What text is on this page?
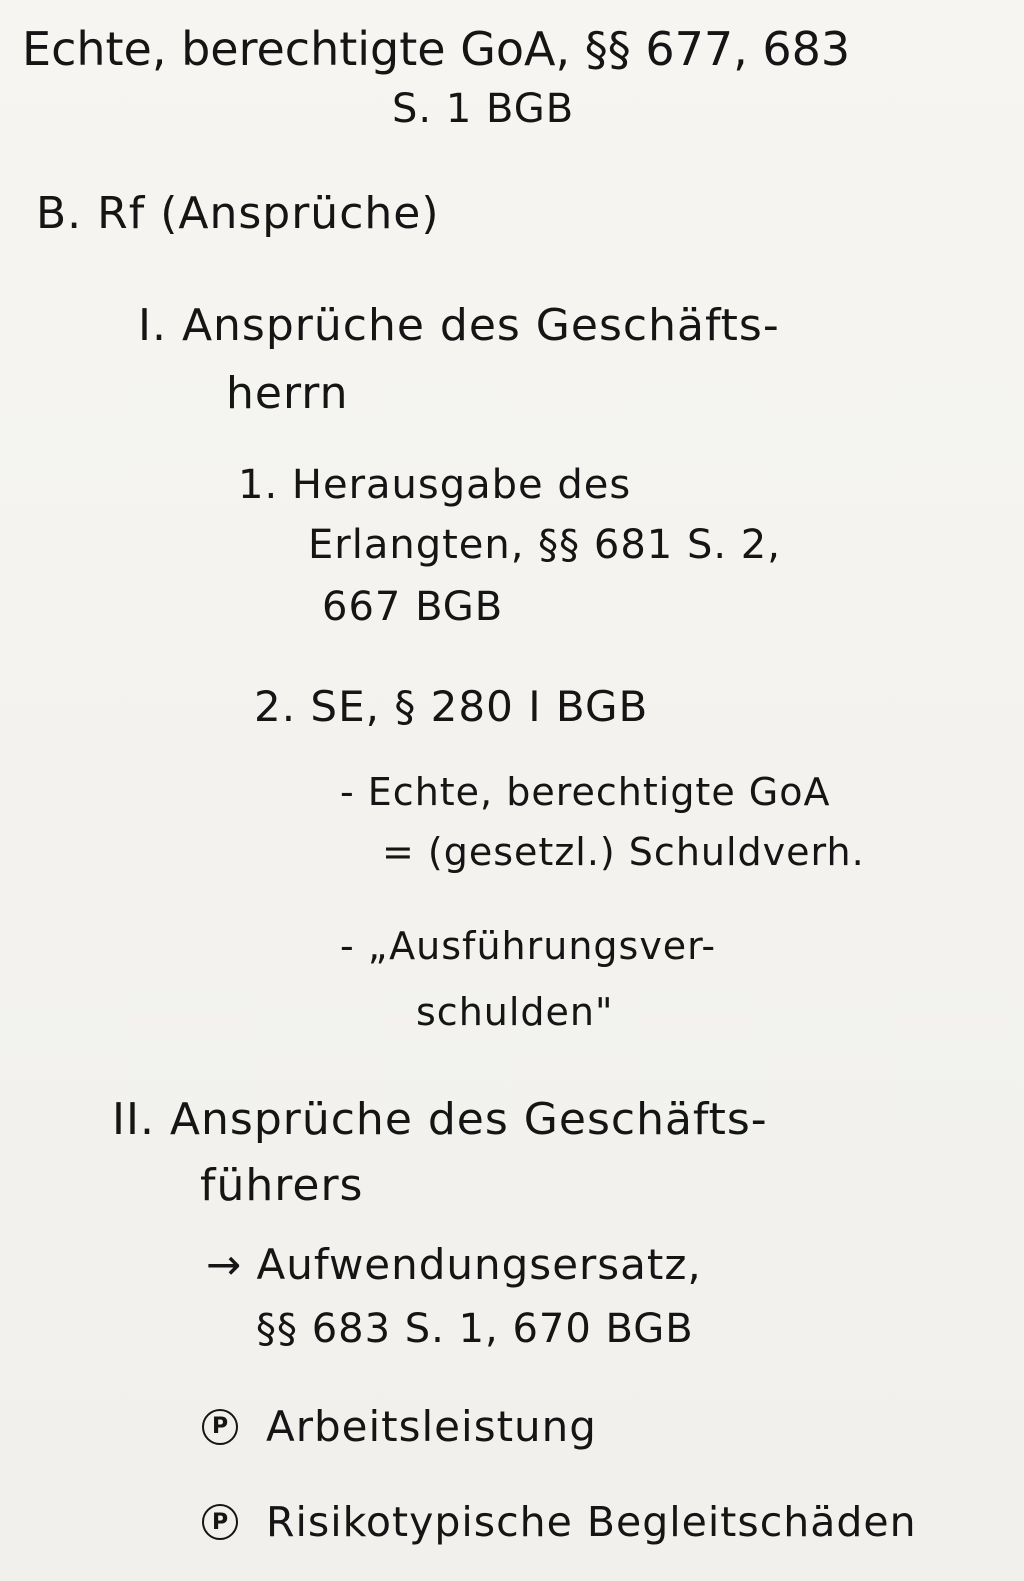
Echte, berechtigte GoA, §§ 677, 683
S. 1 BGB
B. Rf (Ansprüche)
I. Ansprüche des Geschäfts-
herrn
1. Herausgabe des
Erlangten, §§ 681 S. 2,
667 BGB
2. SE, § 280 I BGB
- Echte, berechtigte GoA
= (gesetzl.) Schuldverh.
- „Ausführungsver-
schulden"
II. Ansprüche des Geschäfts-
führers
→ Aufwendungsersatz,
§§ 683 S. 1, 670 BGB
P Arbeitsleistung
P Risikotypische Begleitschäden
